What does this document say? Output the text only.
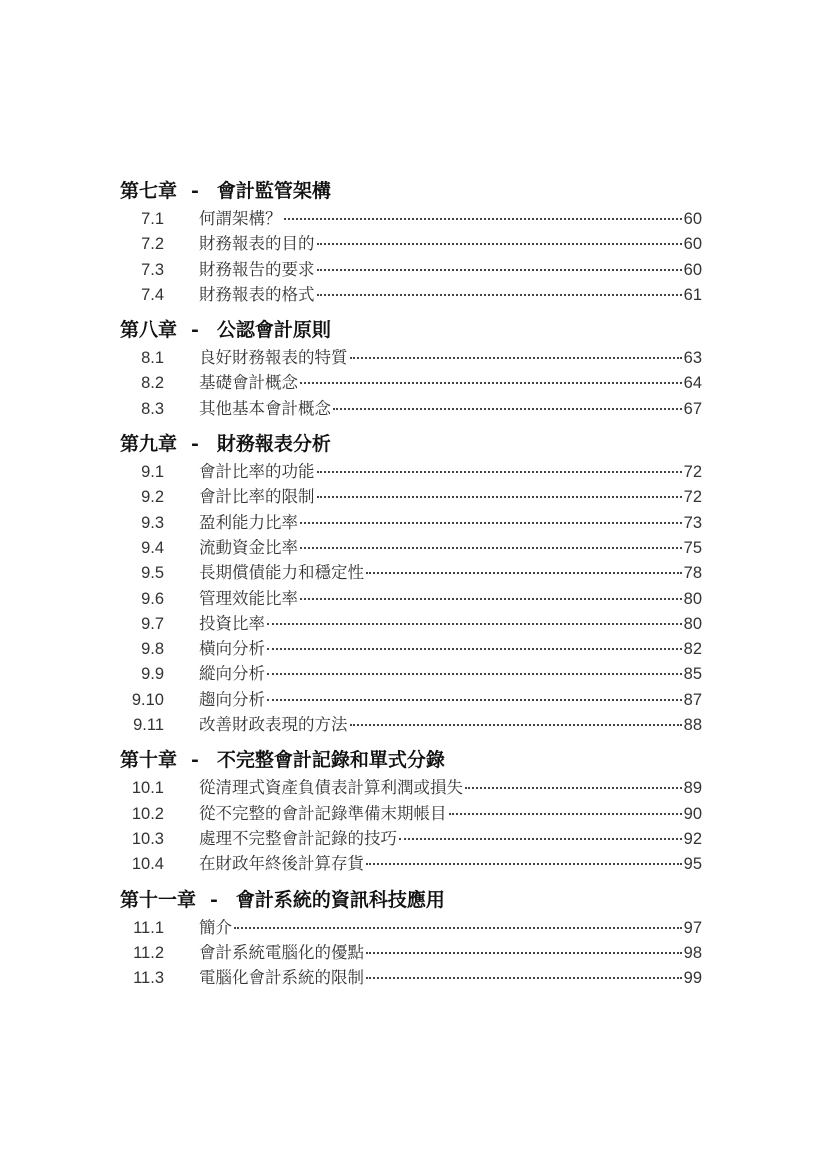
第七章 - 會計監管架構
7.1 何謂架構？	60
7.2 財務報表的目的	60
7.3 財務報告的要求	60
7.4 財務報表的格式	61
第八章 - 公認會計原則
8.1 良好財務報表的特質	63
8.2 基礎會計概念	64
8.3 其他基本會計概念	67
第九章 - 財務報表分析
9.1 會計比率的功能	72
9.2 會計比率的限制	72
9.3 盈利能力比率	73
9.4 流動資金比率	75
9.5 長期償債能力和穩定性	78
9.6 管理效能比率	80
9.7 投資比率	80
9.8 橫向分析	82
9.9 縱向分析	85
9.10 趨向分析	87
9.11 改善財政表現的方法	88
第十章 - 不完整會計記錄和單式分錄
10.1 從清理式資產負債表計算利潤或損失	89
10.2 從不完整的會計記錄準備末期帳目	90
10.3 處理不完整會計記錄的技巧	92
10.4 在財政年終後計算存貨	95
第十一章 - 會計系統的資訊科技應用
11.1 簡介	97
11.2 會計系統電腦化的優點	98
11.3 電腦化會計系統的限制	99
